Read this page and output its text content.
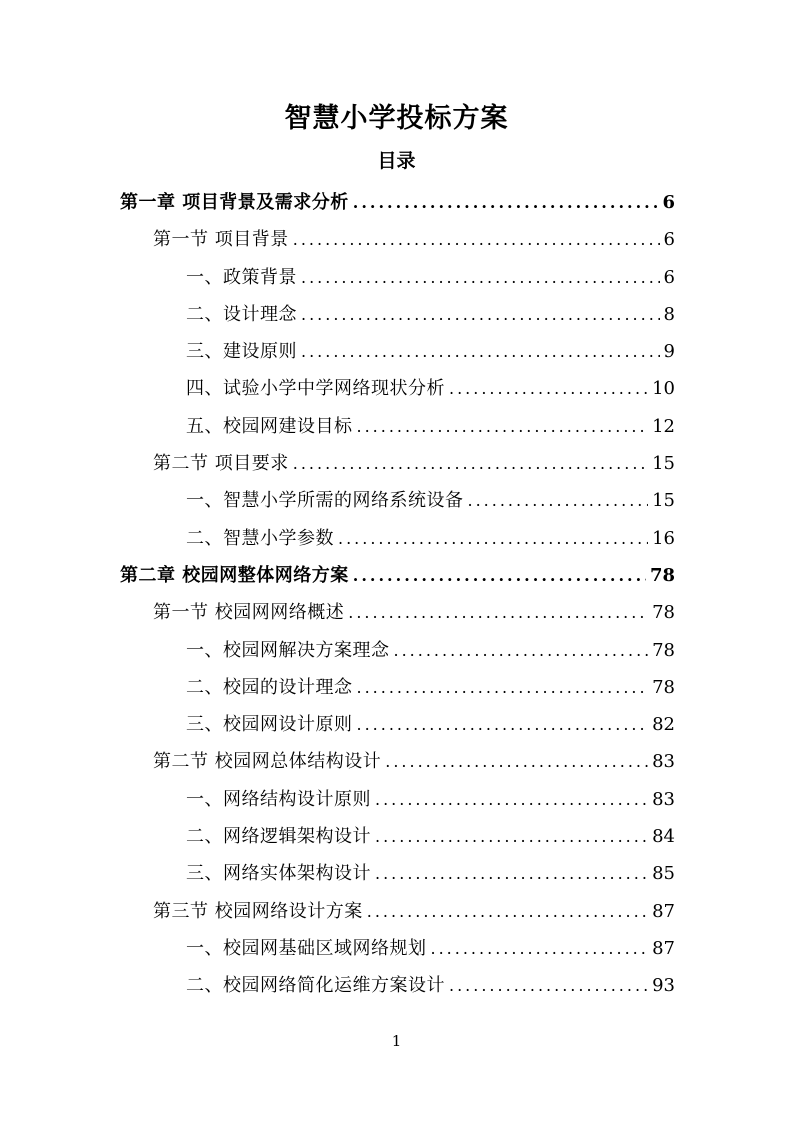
智慧小学投标方案
目录
第一章 项目背景及需求分析 .....	6
第一节 项目背景 .....	6
一、政策背景 .....	6
二、设计理念 .....	8
三、建设原则 .....	9
四、试验小学中学网络现状分析 .....	10
五、校园网建设目标 .....	12
第二节 项目要求 .....	15
一、智慧小学所需的网络系统设备 .....	15
二、智慧小学参数 .....	16
第二章 校园网整体网络方案 .....	78
第一节 校园网网络概述 .....	78
一、校园网解决方案理念 .....	78
二、校园的设计理念 .....	78
三、校园网设计原则 .....	82
第二节 校园网总体结构设计 .....	83
一、网络结构设计原则 .....	83
二、网络逻辑架构设计 .....	84
三、网络实体架构设计 .....	85
第三节 校园网络设计方案 .....	87
一、校园网基础区域网络规划 .....	87
二、校园网络简化运维方案设计 .....	93
1
